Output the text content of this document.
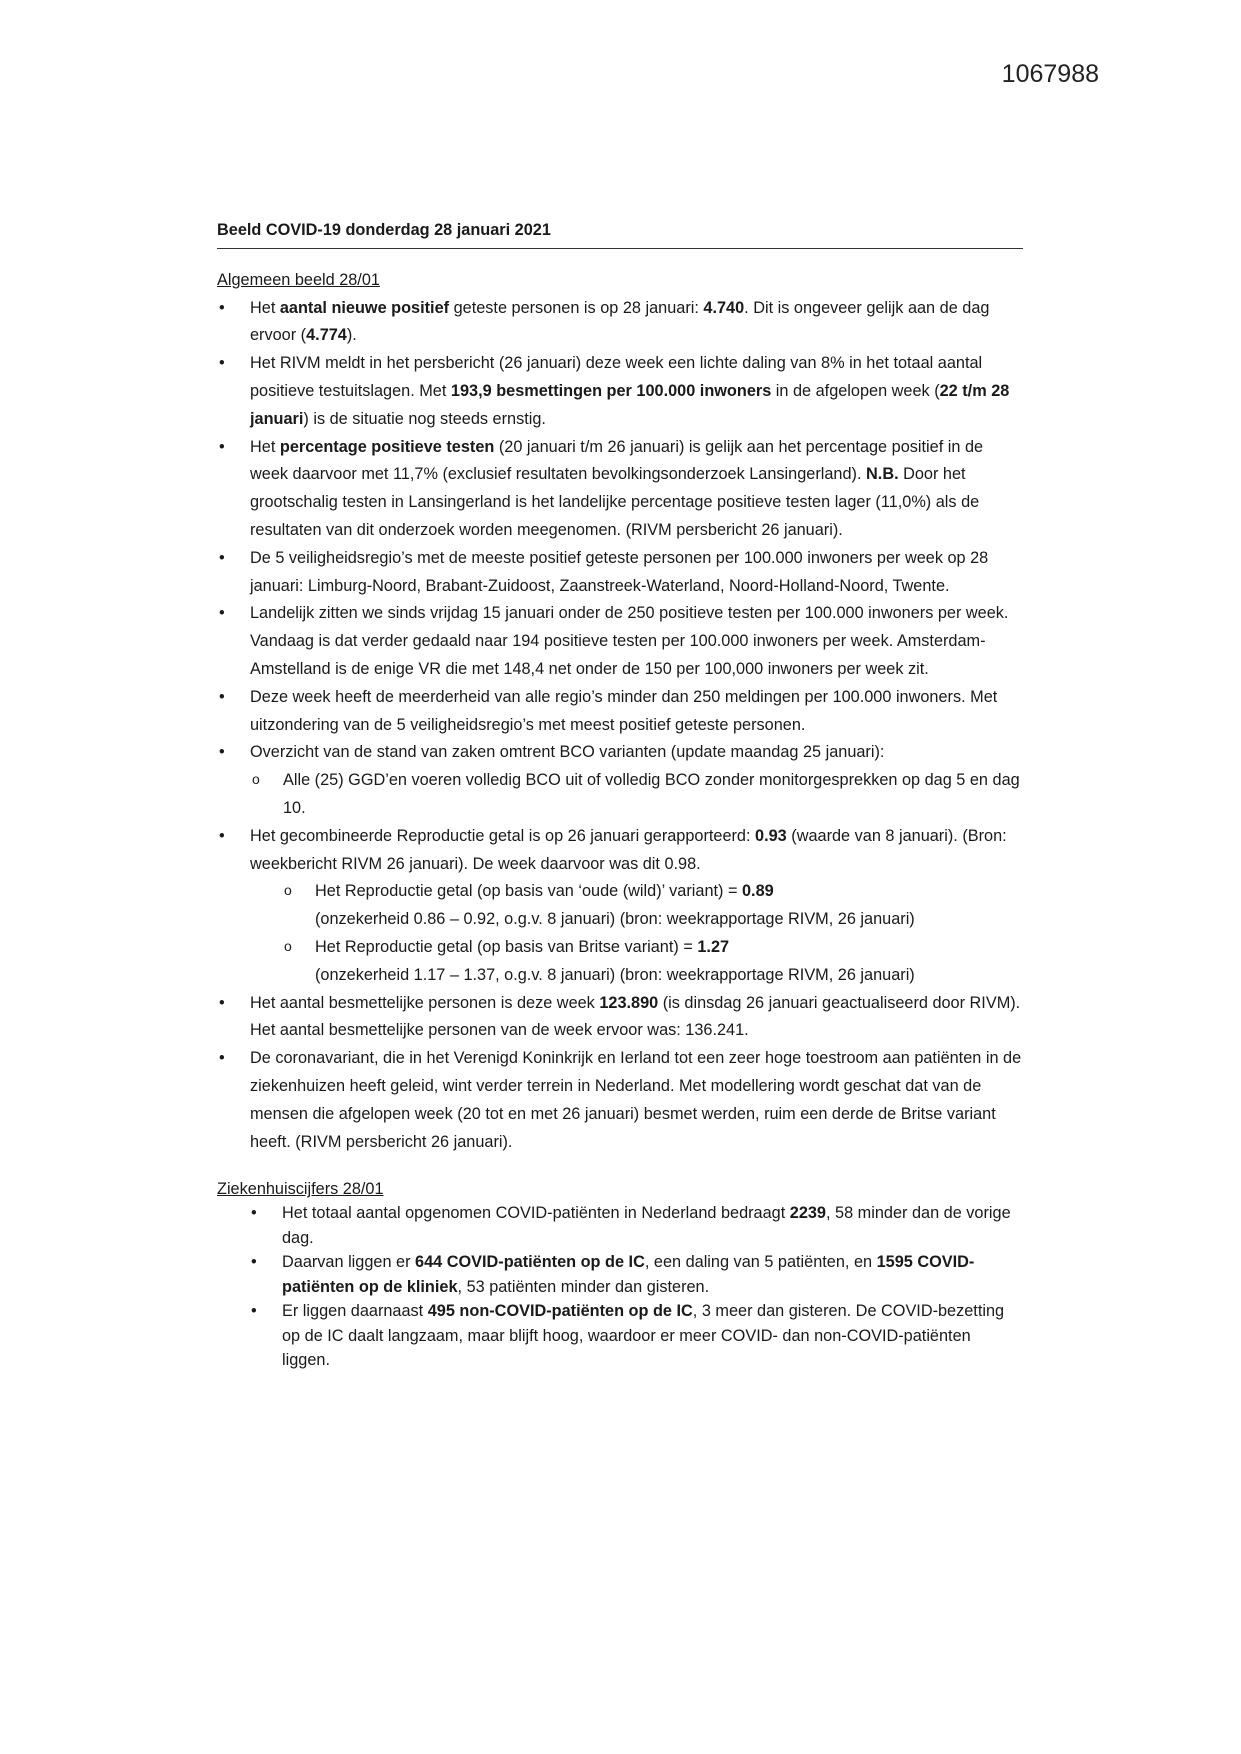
1067988
Beeld COVID-19 donderdag 28 januari 2021

Algemeen beeld 28/01

• Het aantal nieuwe positief geteste personen is op 28 januari: 4.740. Dit is ongeveer gelijk aan de dag ervoor (4.774).
• Het RIVM meldt in het persbericht (26 januari) deze week een lichte daling van 8% in het totaal aantal positieve testuitslagen. Met 193,9 besmettingen per 100.000 inwoners in de afgelopen week (22 t/m 28 januari) is de situatie nog steeds ernstig.
• Het percentage positieve testen (20 januari t/m 26 januari) is gelijk aan het percentage positief in de week daarvoor met 11,7% (exclusief resultaten bevolkingsonderzoek Lansingerland). N.B. Door het grootschalig testen in Lansingerland is het landelijke percentage positieve testen lager (11,0%) als de resultaten van dit onderzoek worden meegenomen. (RIVM persbericht 26 januari).
• De 5 veiligheidsregio’s met de meeste positief geteste personen per 100.000 inwoners per week op 28 januari: Limburg-Noord, Brabant-Zuidoost, Zaanstreek-Waterland, Noord-Holland-Noord, Twente.
• Landelijk zitten we sinds vrijdag 15 januari onder de 250 positieve testen per 100.000 inwoners per week. Vandaag is dat verder gedaald naar 194 positieve testen per 100.000 inwoners per week. Amsterdam-Amstelland is de enige VR die met 148,4 net onder de 150 per 100,000 inwoners per week zit.
• Deze week heeft de meerderheid van alle regio’s minder dan 250 meldingen per 100.000 inwoners. Met uitzondering van de 5 veiligheidsregio’s met meest positief geteste personen.
• Overzicht van de stand van zaken omtrent BCO varianten (update maandag 25 januari):
o Alle (25) GGD’en voeren volledig BCO uit of volledig BCO zonder monitorgesprekken op dag 5 en dag 10.
• Het gecombineerde Reproductie getal is op 26 januari gerapporteerd: 0.93 (waarde van 8 januari). (Bron: weekbericht RIVM 26 januari). De week daarvoor was dit 0.98.
o Het Reproductie getal (op basis van ‘oude (wild)’ variant) = 0.89
(onzekerheid 0.86 – 0.92, o.g.v. 8 januari) (bron: weekrapportage RIVM, 26 januari)
o Het Reproductie getal (op basis van Britse variant) = 1.27
(onzekerheid 1.17 – 1.37, o.g.v. 8 januari) (bron: weekrapportage RIVM, 26 januari)
• Het aantal besmettelijke personen is deze week 123.890 (is dinsdag 26 januari geactualiseerd door RIVM). Het aantal besmettelijke personen van de week ervoor was: 136.241.
• De coronavariant, die in het Verenigd Koninkrijk en Ierland tot een zeer hoge toestroom aan patiënten in de ziekenhuizen heeft geleid, wint verder terrein in Nederland. Met modellering wordt geschat dat van de mensen die afgelopen week (20 tot en met 26 januari) besmet werden, ruim een derde de Britse variant heeft. (RIVM persbericht 26 januari).

Ziekenhuiscijfers 28/01

• Het totaal aantal opgenomen COVID-patiënten in Nederland bedraagt 2239, 58 minder dan de vorige dag.
• Daarvan liggen er 644 COVID-patiënten op de IC, een daling van 5 patiënten, en 1595 COVID-patiënten op de kliniek, 53 patiënten minder dan gisteren.
• Er liggen daarnaast 495 non-COVID-patiënten op de IC, 3 meer dan gisteren. De COVID-bezetting op de IC daalt langzaam, maar blijft hoog, waardoor er meer COVID- dan non-COVID-patiënten liggen.
